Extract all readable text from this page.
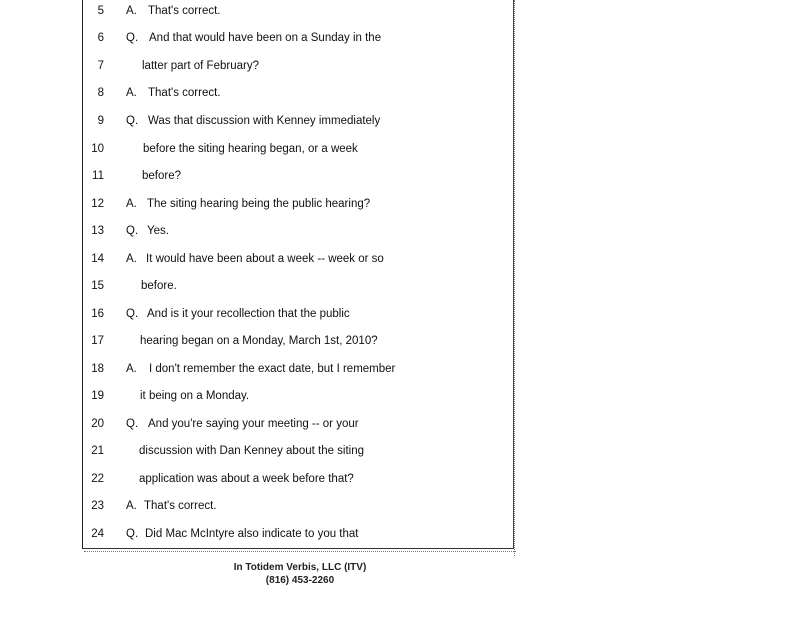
5 A. That's correct.
6 Q. And that would have been on a Sunday in the
7	latter part of February?
8 A. That's correct.
9 Q. Was that discussion with Kenney immediately
10	before the siting hearing began, or a week
11	before?
12 A. The siting hearing being the public hearing?
13 Q. Yes.
14 A. It would have been about a week -- week or so
15	before.
16 Q. And is it your recollection that the public
17	hearing began on a Monday, March 1st, 2010?
18 A. I don't remember the exact date, but I remember
19	it being on a Monday.
20 Q. And you're saying your meeting -- or your
21	discussion with Dan Kenney about the siting
22	application was about a week before that?
23 A. That's correct.
24 Q. Did Mac McIntyre also indicate to you that
In Totidem Verbis, LLC (ITV)
(816) 453-2260
